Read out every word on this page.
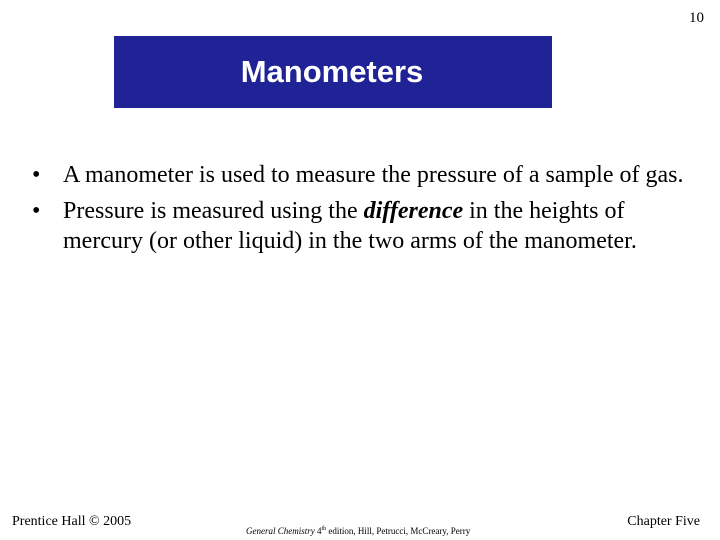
10
Manometers
• A manometer is used to measure the pressure of a sample of gas.
• Pressure is measured using the difference in the heights of mercury (or other liquid) in the two arms of the manometer.
Prentice Hall © 2005
General Chemistry 4th edition, Hill, Petrucci, McCreary, Perry
Chapter Five
